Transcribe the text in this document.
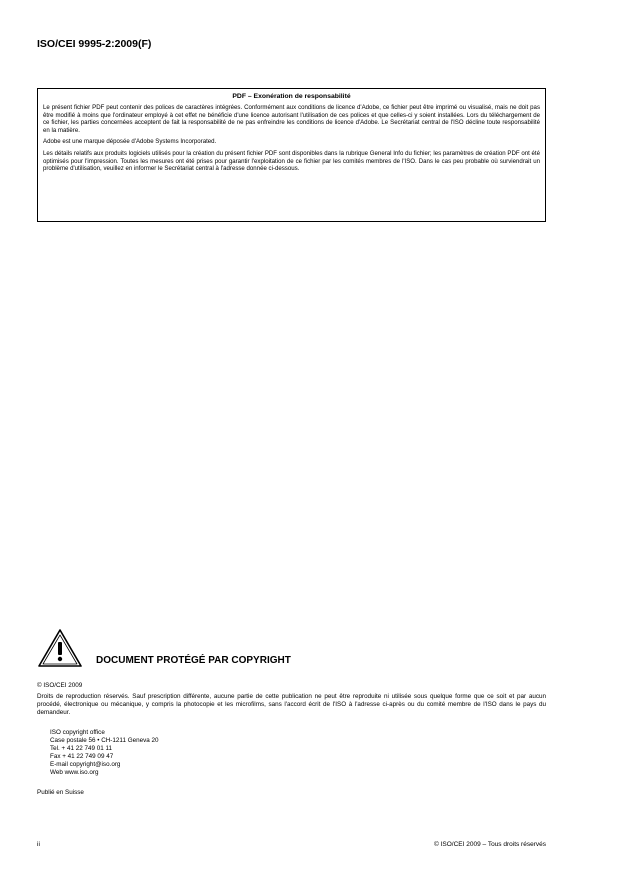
ISO/CEI 9995-2:2009(F)

PDF – Exonération de responsabilité

Le présent fichier PDF peut contenir des polices de caractères intégrées. Conformément aux conditions de licence d'Adobe, ce fichier peut être imprimé ou visualisé, mais ne doit pas être modifié à moins que l'ordinateur employé à cet effet ne bénéficie d'une licence autorisant l'utilisation de ces polices et que celles-ci y soient installées. Lors du téléchargement de ce fichier, les parties concernées acceptent de fait la responsabilité de ne pas enfreindre les conditions de licence d'Adobe. Le Secrétariat central de l'ISO décline toute responsabilité en la matière.

Adobe est une marque déposée d'Adobe Systems Incorporated.

Les détails relatifs aux produits logiciels utilisés pour la création du présent fichier PDF sont disponibles dans la rubrique General Info du fichier; les paramètres de création PDF ont été optimisés pour l'impression. Toutes les mesures ont été prises pour garantir l'exploitation de ce fichier par les comités membres de l'ISO. Dans le cas peu probable où surviendrait un problème d'utilisation, veuillez en informer le Secrétariat central à l'adresse donnée ci-dessous.

DOCUMENT PROTÉGÉ PAR COPYRIGHT

© ISO/CEI 2009

Droits de reproduction réservés. Sauf prescription différente, aucune partie de cette publication ne peut être reproduite ni utilisée sous quelque forme que ce soit et par aucun procédé, électronique ou mécanique, y compris la photocopie et les microfilms, sans l'accord écrit de l'ISO à l'adresse ci-après ou du comité membre de l'ISO dans le pays du demandeur.

ISO copyright office
Case postale 56 • CH-1211 Geneva 20
Tel. + 41 22 749 01 11
Fax + 41 22 749 09 47
E-mail copyright@iso.org
Web www.iso.org

Publié en Suisse

ii	© ISO/CEI 2009 – Tous droits réservés
